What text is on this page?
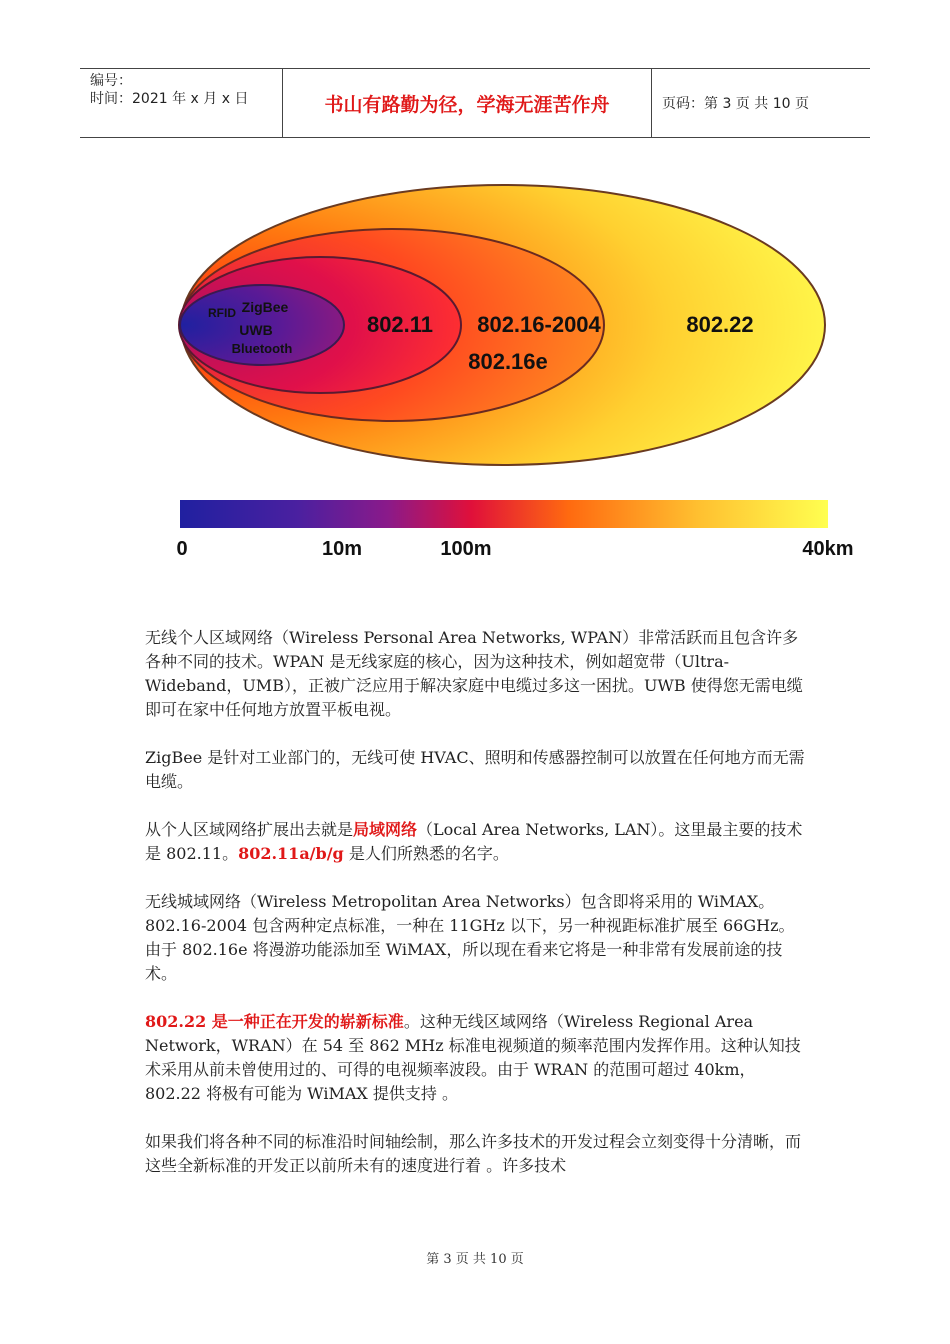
编号：
时间：2021 年 x 月 x 日	书山有路勤为径，学海无涯苦作舟	页码：第 3 页 共 10 页
ZigBee
RFID
UWB
Bluetooth
802.11 802.16-2004
802.16e
802.22
0	10m	100m	40km

无线个人区域网络（Wireless Personal Area Networks, WPAN）非常活跃而且包含许多各种不同的技术。WPAN 是无线家庭的核心，因为这种技术，例如超宽带（Ultra-Wideband，UMB），正被广泛应用于解决家庭中电缆过多这一困扰。UWB 使得您无需电缆即可在家中任何地方放置平板电视。

ZigBee 是针对工业部门的，无线可使 HVAC、照明和传感器控制可以放置在任何地方而无需电缆。

从个人区域网络扩展出去就是局域网络（Local Area Networks, LAN）。这里最主要的技术是 802.11。802.11a/b/g 是人们所熟悉的名字。

无线城域网络（Wireless Metropolitan Area Networks）包含即将采用的 WiMAX。802.16-2004 包含两种定点标准，一种在 11GHz 以下，另一种视距标准扩展至 66GHz。由于 802.16e 将漫游功能添加至 WiMAX，所以现在看来它将是一种非常有发展前途的技术。

802.22 是一种正在开发的崭新标准。这种无线区域网络（Wireless Regional Area Network，WRAN）在 54 至 862 MHz 标准电视频道的频率范围内发挥作用。这种认知技术采用从前未曾使用过的、可得的电视频率波段。由于 WRAN 的范围可超过 40km，802.22 将极有可能为 WiMAX 提供支持 。

如果我们将各种不同的标准沿时间轴绘制，那么许多技术的开发过程会立刻变得十分清晰，而这些全新标准的开发正以前所未有的速度进行着 。许多技术

第 3 页 共 10 页
